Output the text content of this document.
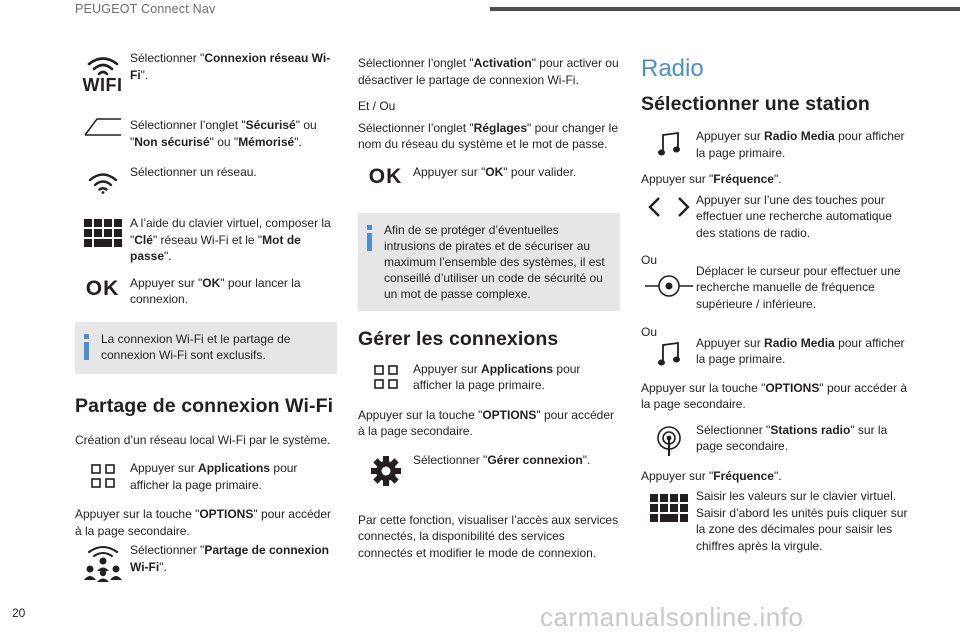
PEUGEOT Connect Nav
WIFI
Sélectionner "Connexion réseau Wi-Fi".
Sélectionner l’onglet "Sécurisé" ou "Non sécurisé" ou "Mémorisé".
Sélectionner un réseau.
A l’aide du clavier virtuel, composer la "Clé" réseau Wi-Fi et le "Mot de passe".
OK Appuyer sur "OK" pour lancer la connexion.
La connexion Wi-Fi et le partage de connexion Wi-Fi sont exclusifs.
Partage de connexion Wi-Fi
Création d’un réseau local Wi-Fi par le système.
Appuyer sur Applications pour afficher la page primaire.
Appuyer sur la touche "OPTIONS" pour accéder à la page secondaire.
Sélectionner "Partage de connexion Wi-Fi".
Sélectionner l’onglet "Activation" pour activer ou désactiver le partage de connexion Wi-Fi.
Et / Ou
Sélectionner l’onglet "Réglages" pour changer le nom du réseau du système et le mot de passe.
OK Appuyer sur "OK" pour valider.
Afin de se protéger d’éventuelles intrusions de pirates et de sécuriser au maximum l’ensemble des systèmes, il est conseillé d’utiliser un code de sécurité ou un mot de passe complexe.
Gérer les connexions
Appuyer sur Applications pour afficher la page primaire.
Appuyer sur la touche "OPTIONS" pour accéder à la page secondaire.
Sélectionner "Gérer connexion".
Par cette fonction, visualiser l’accès aux services connectés, la disponibilité des services connectés et modifier le mode de connexion.
Radio
Sélectionner une station
Appuyer sur Radio Media pour afficher la page primaire.
Appuyer sur "Fréquence".
Appuyer sur l’une des touches pour effectuer une recherche automatique des stations de radio.
Ou
Déplacer le curseur pour effectuer une recherche manuelle de fréquence supérieure / inférieure.
Ou
Appuyer sur Radio Media pour afficher la page primaire.
Appuyer sur la touche "OPTIONS" pour accéder à la page secondaire.
Sélectionner "Stations radio" sur la page secondaire.
Appuyer sur "Fréquence".
Saisir les valeurs sur le clavier virtuel.
Saisir d’abord les unités puis cliquer sur la zone des décimales pour saisir les chiffres après la virgule.
20	carmanualsonline.info
